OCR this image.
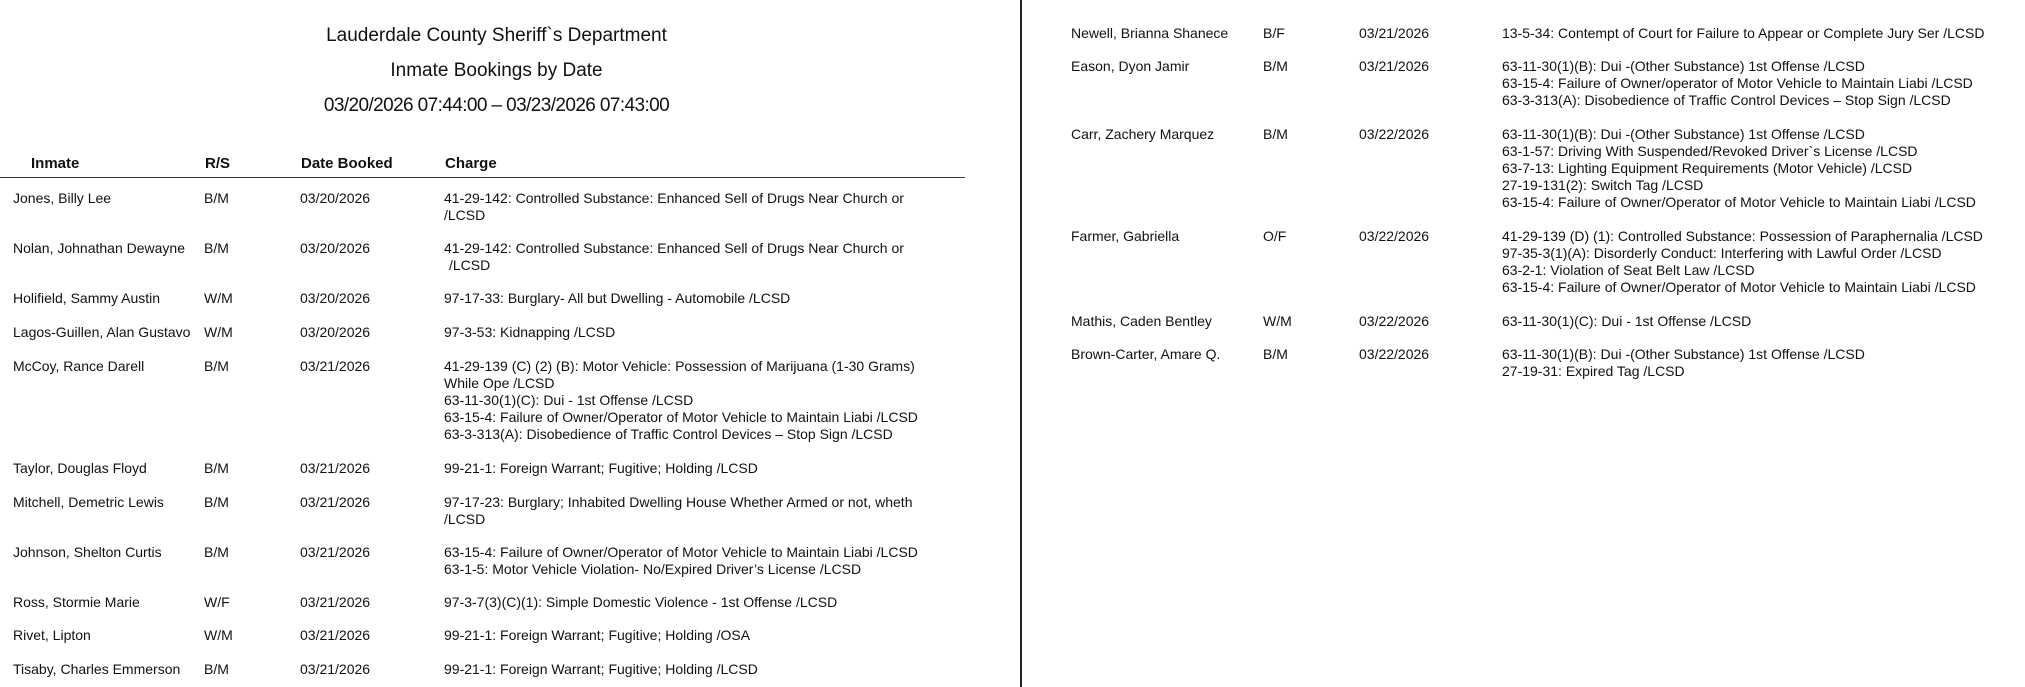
Lauderdale County Sheriff`s Department
Inmate Bookings by Date
03/20/2026 07:44:00 – 03/23/2026 07:43:00
Inmate	R/S	Date Booked	Charge
Jones, Billy Lee	B/M	03/20/2026	41-29-142: Controlled Substance: Enhanced Sell of Drugs Near Church or
/LCSD
Nolan, Johnathan Dewayne B/M	03/20/2026	41-29-142: Controlled Substance: Enhanced Sell of Drugs Near Church or
/LCSD
Holifield, Sammy Austin	W/M	03/20/2026	97-17-33: Burglary- All but Dwelling - Automobile /LCSD
Lagos-Guillen, Alan Gustavo W/M	03/20/2026	97-3-53: Kidnapping /LCSD
McCoy, Rance Darell	B/M	03/21/2026	41-29-139 (C) (2) (B): Motor Vehicle: Possession of Marijuana (1-30 Grams)
While Ope /LCSD
63-11-30(1)(C): Dui - 1st Offense /LCSD
63-15-4: Failure of Owner/Operator of Motor Vehicle to Maintain Liabi /LCSD
63-3-313(A): Disobedience of Traffic Control Devices – Stop Sign /LCSD
Taylor, Douglas Floyd	B/M	03/21/2026	99-21-1: Foreign Warrant; Fugitive; Holding /LCSD
Mitchell, Demetric Lewis	B/M	03/21/2026	97-17-23: Burglary; Inhabited Dwelling House Whether Armed or not, wheth
/LCSD
Johnson, Shelton Curtis	B/M	03/21/2026	63-15-4: Failure of Owner/Operator of Motor Vehicle to Maintain Liabi /LCSD
63-1-5: Motor Vehicle Violation- No/Expired Driver’s License /LCSD
Ross, Stormie Marie	W/F	03/21/2026	97-3-7(3)(C)(1): Simple Domestic Violence - 1st Offense /LCSD
Rivet, Lipton	W/M	03/21/2026	99-21-1: Foreign Warrant; Fugitive; Holding /OSA
Tisaby, Charles Emmerson B/M	03/21/2026	99-21-1: Foreign Warrant; Fugitive; Holding /LCSD
Newell, Brianna Shanece B/F	03/21/2026	13-5-34: Contempt of Court for Failure to Appear or Complete Jury Ser /LCSD
Eason, Dyon Jamir	B/M	03/21/2026	63-11-30(1)(B): Dui -(Other Substance) 1st Offense /LCSD
63-15-4: Failure of Owner/operator of Motor Vehicle to Maintain Liabi /LCSD
63-3-313(A): Disobedience of Traffic Control Devices – Stop Sign /LCSD
Carr, Zachery Marquez	B/M	03/22/2026	63-11-30(1)(B): Dui -(Other Substance) 1st Offense /LCSD
63-1-57: Driving With Suspended/Revoked Driver`s License /LCSD
63-7-13: Lighting Equipment Requirements (Motor Vehicle) /LCSD
27-19-131(2): Switch Tag /LCSD
63-15-4: Failure of Owner/Operator of Motor Vehicle to Maintain Liabi /LCSD
Farmer, Gabriella	O/F	03/22/2026	41-29-139 (D) (1): Controlled Substance: Possession of Paraphernalia /LCSD
97-35-3(1)(A): Disorderly Conduct: Interfering with Lawful Order /LCSD
63-2-1: Violation of Seat Belt Law /LCSD
63-15-4: Failure of Owner/Operator of Motor Vehicle to Maintain Liabi /LCSD
Mathis, Caden Bentley	W/M	03/22/2026	63-11-30(1)(C): Dui - 1st Offense /LCSD
Brown-Carter, Amare Q.	B/M	03/22/2026	63-11-30(1)(B): Dui -(Other Substance) 1st Offense /LCSD
27-19-31: Expired Tag /LCSD
